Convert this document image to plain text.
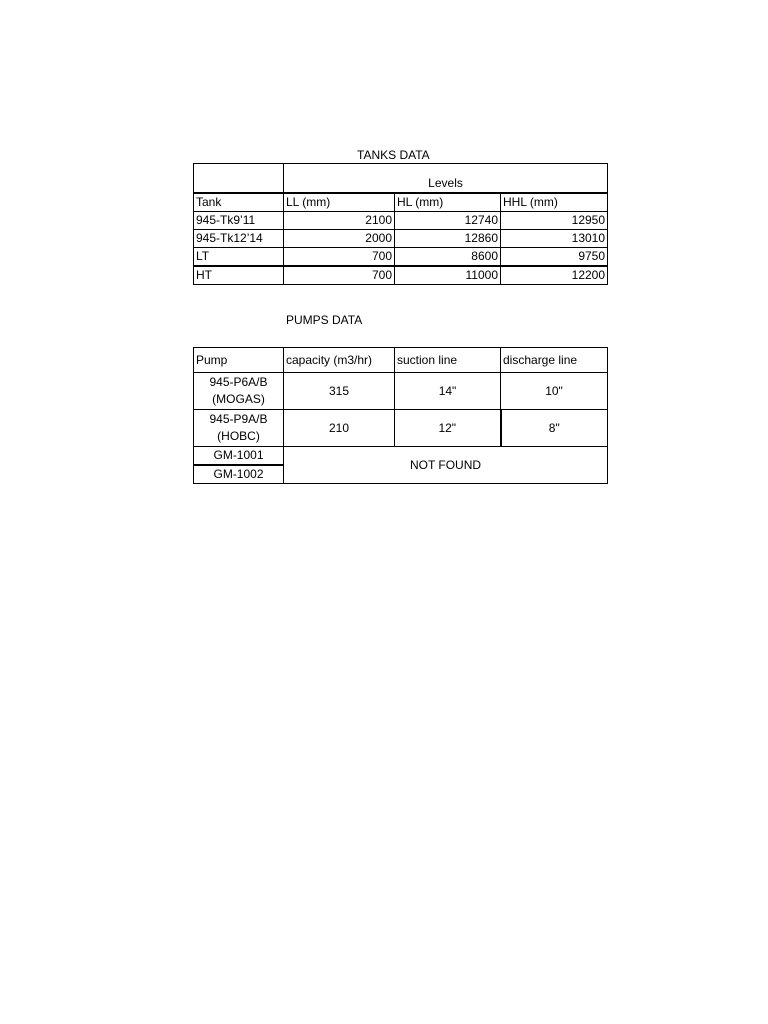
TANKS DATA
	Levels		
Tank	LL (mm)	HL (mm)	HHL (mm)
945-Tk9’11	2100	12740	12950
945-Tk12’14	2000	12860	13010
LT	700	8600	9750
HT	700	11000	12200
PUMPS DATA
Pump	capacity (m3/hr)	suction line	discharge line

945-P6A/B
(MOGAS)	315	14"	10"

945-P9A/B
(HOBC)	210	12"	8"
GM-1001	NOT FOUND		
GM-1002			
